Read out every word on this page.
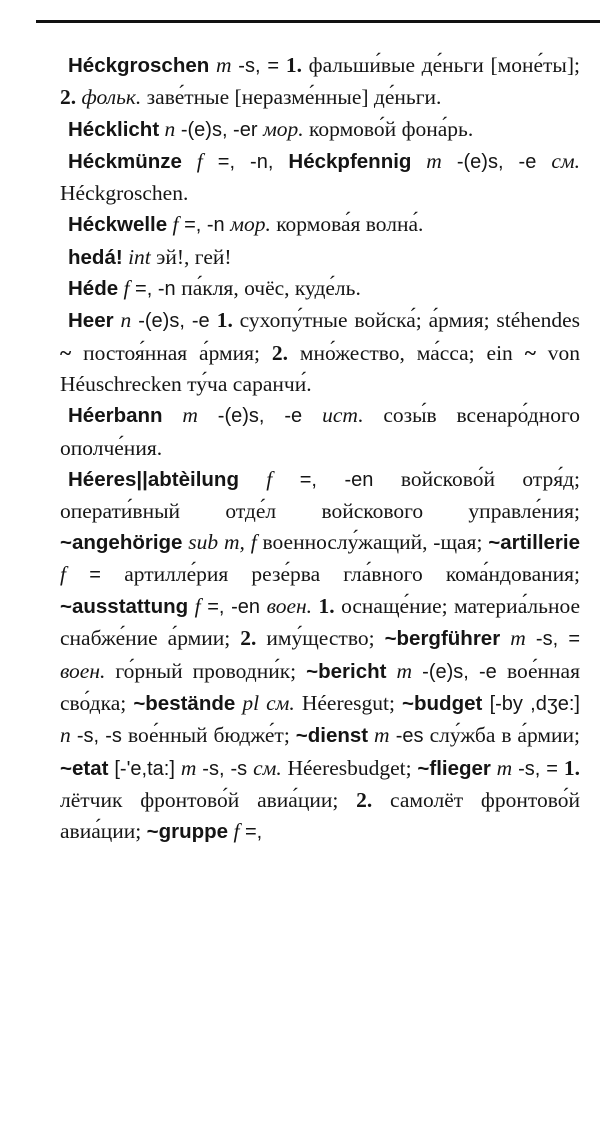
Héckgroschen m -s, = 1. фальши́вые де́ньги [моне́ты]; 2. фольк. заве́тные [неразме́нные] де́ньги.

Hécklicht n -(e)s, -er мор. кормово́й фона́рь.

Héckmünze f =, -n, Héckpfennig m -(e)s, -e см. Héckgroschen.

Héckwelle f =, -n мор. кормова́я волна́.

hedá! int эй!, гей!

Héde f =, -n па́кля, очёс, куде́ль.

Heer n -(e)s, -e 1. сухопу́тные войска́; а́рмия; stéhendes ~ постоя́нная а́рмия; 2. мно́жество, ма́сса; ein ~ von Héuschrecken ту́ча саранчи́.

Héerbann m -(e)s, -e ист. созы́в всенаро́дного ополче́ния.

Héeres||abtèilung f =, -en войсково́й отря́д; операти́вный отде́л войскового управле́ния; ~angehörige sub m, f военнослу́жащий, -щая; ~artillerie f = артилле́рия резе́рва гла́вного кома́ндования; ~ausstattung f =, -en воен. 1. оснаще́ние; материа́льное снабже́ние а́рмии; 2. иму́щество; ~bergführer m -s, = воен. го́рный проводни́к; ~bericht m -(e)s, -e вое́нная сво́дка; ~bestände pl см. Héeresgut; ~budget [-by ,dʒe:] n -s, -s вое́нный бюдже́т; ~dienst m -es слу́жба в а́рмии; ~etat [-'e,ta:] m -s, -s см. Héeresbudget; ~flieger m -s, = 1. лётчик фронтово́й авиа́ции; 2. самолёт фронтово́й авиа́ции; ~gruppe f =,
